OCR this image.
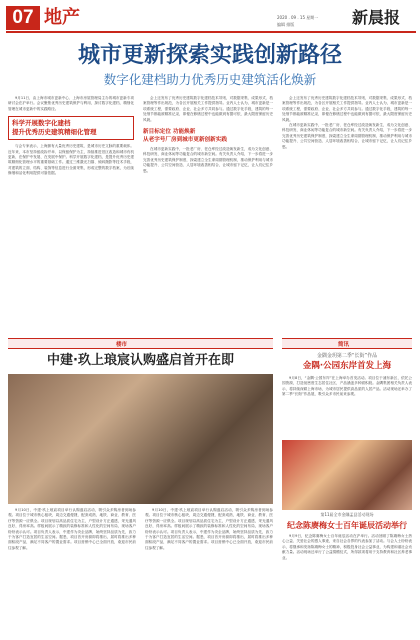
07 地产	2020 . 09 . 15 星期一
编辑 排版	新晨报
城市更新探索实践创新路径
数字化建档助力优秀历史建筑活化焕新

9月11日，由上海市城市更新中心、上海市房屋管理局主办的城市更新专项研讨会在沪举行。会议聚焦优秀历史建筑保护与利用，探讨数字化建档、精细化管理在城市更新中的实践路径。

科学开展数字化建档
提升优秀历史建筑精细化管理

与会专家表示，上海拥有大量优秀历史建筑，是城市历史文脉的重要载体。近年来，本市坚持留改拆并举、以保留保护为主，持续推进旧区改造和城市有机更新，在保护中发展、在发展中保护。科学开展数字化建档，是提升优秀历史建筑精细化管理水平的重要基础工作。通过三维激光扫描、倾斜摄影等技术手段，对建筑的立面、结构、装饰等信息进行全面采集，形成完整的数字档案，为后续修缮和活化利用提供可靠依据。

会上还发布了优秀历史建筑数字化建档技术导则，对数据采集、成果形式、档案管理等作出规范，为各区开展相关工作提供指导。业内人士认为，城市更新是一项系统工程，需要政府、企业、社会多方共同参与。通过数字化手段，建筑的每一处细节都能被精准记录，即便在修缮过程中也能做到有据可依，最大限度保留历史风貌。

新目标定位 功能焕新
从老字号厂房到城市更新创新实践

在城市更新实践中，一批老厂房、老仓库经过改造焕发新生，成为文化创意、科技研发、商业休闲等功能复合的城市新空间。有关负责人介绍，下一步将进一步完善优秀历史建筑保护制度，探索建立全生命周期管理机制，推动保护利用与城市功能提升、公共空间营造、人居环境改善相结合，让城市留下记忆，让人们记住乡愁。

会上还发布了优秀历史建筑数字化建档技术导则，对数据采集、成果形式、档案管理等作出规范，为各区开展相关工作提供指导。业内人士认为，城市更新是一项系统工程，需要政府、企业、社会多方共同参与。通过数字化手段，建筑的每一处细节都能被精准记录，即便在修缮过程中也能做到有据可依，最大限度保留历史风貌。

在城市更新实践中，一批老厂房、老仓库经过改造焕发新生，成为文化创意、科技研发、商业休闲等功能复合的城市新空间。有关负责人介绍，下一步将进一步完善优秀历史建筑保护制度，探索建立全生命周期管理机制，推动保护利用与城市功能提升、公共空间营造、人居环境改善相结合，让城市留下记忆，让人们记住乡愁。

楼市
中建·玖上琅宸认购盛启首开在即

9月10日，中建·玖上琅宸项目举行认购盛启活动，吸引众多购房者到场参观。项目位于城市核心板块，周边交通便捷，配套成熟，地铁、商业、教育、医疗等资源一应俱全。项目规划以高品质住宅为主，户型设计方正通透，采光通风良好，得房率高。样板间展示了精致的装修标准和人性化的空间布局，现场客户纷纷表示认可。项目负责人表示，中建作为央企品牌，始终坚持品质为先，致力于为客户打造宜居的生活空间。据悉，项目首开房源即将推出，届时将推出多种面积段产品，满足不同客户的置业需求。项目营销中心已全面开放，欢迎市民前往参观了解。

9月10日，中建·玖上琅宸项目举行认购盛启活动，吸引众多购房者到场参观。项目位于城市核心板块，周边交通便捷，配套成熟，地铁、商业、教育、医疗等资源一应俱全。项目规划以高品质住宅为主，户型设计方正通透，采光通风良好，得房率高。样板间展示了精致的装修标准和人性化的空间布局，现场客户纷纷表示认可。项目负责人表示，中建作为央企品牌，始终坚持品质为先，致力于为客户打造宜居的生活空间。据悉，项目首开房源即将推出，届时将推出多种面积段产品，满足不同客户的置业需求。项目营销中心已全面开放，欢迎市民前往参观了解。

简讯
金隅金玥第二季“长街”作品
金隅·公园东岸首发上海

9月8日，“金隅·公园东岸”在上海举办首发活动。项目位于浦东新区，依托公园资源，打造低密度生态居住社区，产品涵盖多种面积段。金隅集团相关负责人表示，将持续深耕上海市场，为城市居民提供高品质的人居产品。活动现场还举办了第二季“长街”作品展，吸引众多市民前来参观。

第11届全市金隅孟县活动现场
纪念陈赓梅女士百年诞辰活动举行

9月9日，纪念陈赓梅女士百年诞辰活动在沪举行。活动回顾了陈赓梅女士热心公益、关爱社会的感人事迹，来自社会各界的代表参加了活动。与会人士纷纷表示，将继承和发扬陈赓梅女士的精神，积极投身社会公益事业，为构建和谐社会贡献力量。活动现场还举行了公益捐赠仪式，所得款项将用于支持教育和社区养老事业。
